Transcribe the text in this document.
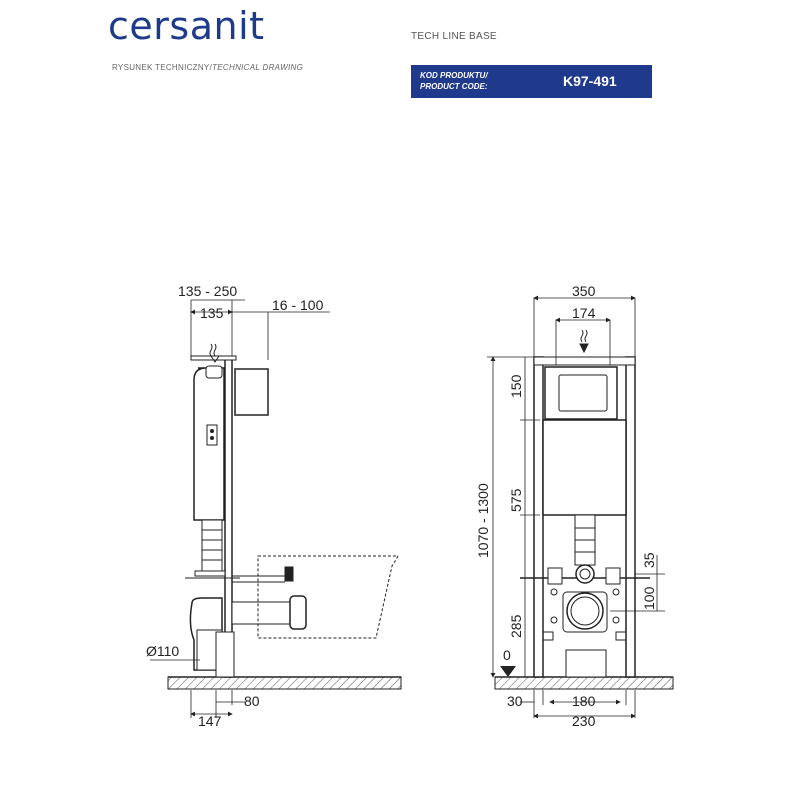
cersanit
RYSUNEK TECHNICZNY/TECHNICAL DRAWING
TECH LINE BASE
KOD PRODUKTU/
PRODUCT CODE:	K97-491
135 - 250
135	16 - 100
Ø110
80
147
350
174
1070 - 1300
150
575
285
0
35
100
30	180
230
